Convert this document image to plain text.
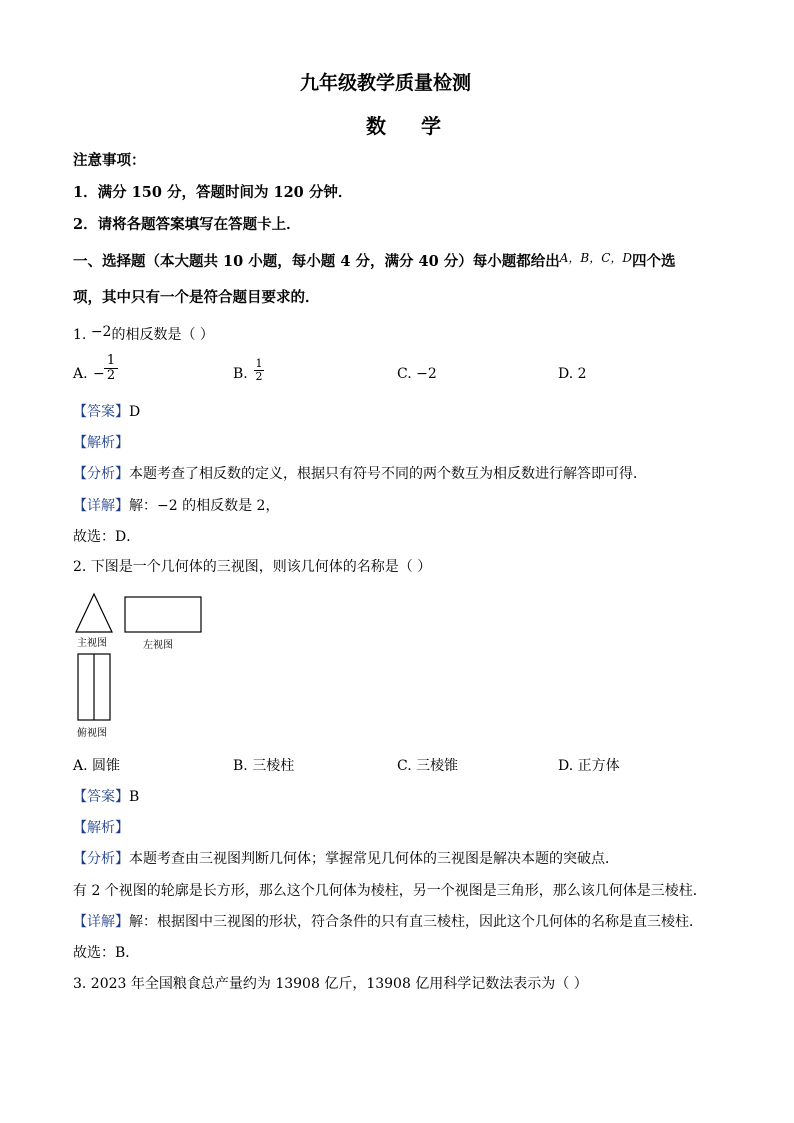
九年级教学质量检测
数 学
注意事项：
1．满分 150 分，答题时间为 120 分钟．
2．请将各题答案填写在答题卡上．
一、选择题（本大题共 10 小题，每小题 4 分，满分 40 分）每小题都给出$^{A,B,C,D}$四个选
项，其中只有一个是符合题目要求的．
1. −2的相反数是（ ）
A. − $\frac{1}{2}$	B. $\frac{1}{2}$	C. −2	D. 2
【答案】D
【解析】
【分析】本题考查了相反数的定义，根据只有符号不同的两个数互为相反数进行解答即可得．
【详解】解：−2 的相反数是 2，
故选：D．
2. 下图是一个几何体的三视图，则该几何体的名称是（ ）
主视图	左视图
俯视图
A. 圆锥	B. 三棱柱	C. 三棱锥	D. 正方体
【答案】B
【解析】
【分析】本题考查由三视图判断几何体；掌握常见几何体的三视图是解决本题的突破点．
有 2 个视图的轮廓是长方形，那么这个几何体为棱柱，另一个视图是三角形，那么该几何体是三棱柱．
【详解】解：根据图中三视图的形状，符合条件的只有直三棱柱，因此这个几何体的名称是直三棱柱．
故选：B．
3. 2023 年全国粮食总产量约为 13908 亿斤，13908 亿用科学记数法表示为（ ）
